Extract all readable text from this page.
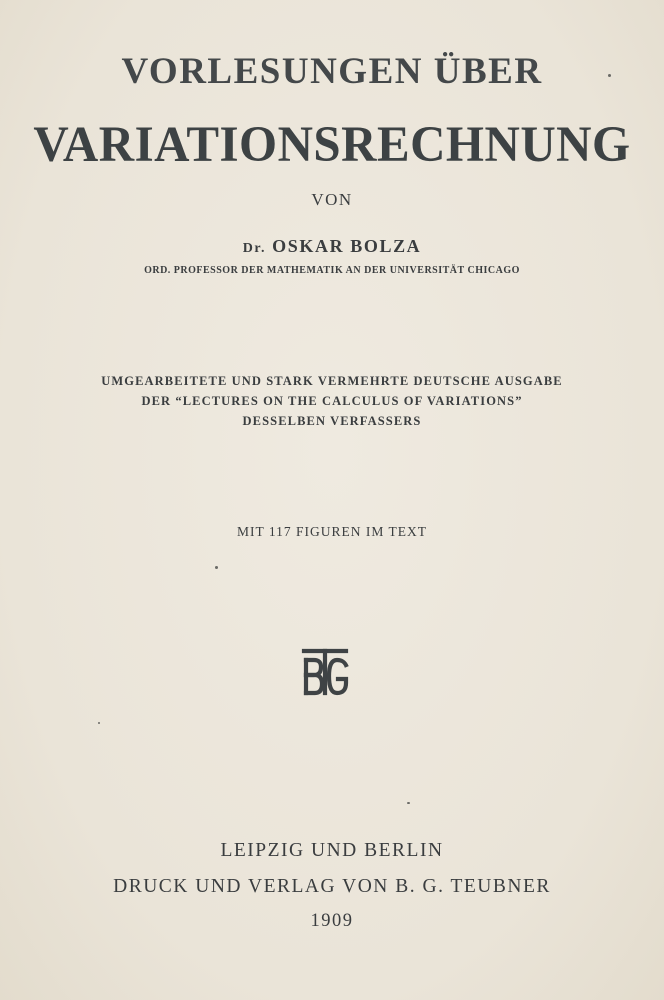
VORLESUNGEN ÜBER
VARIATIONSRECHNUNG

VON

Dr. OSKAR BOLZA

ORD. PROFESSOR DER MATHEMATIK AN DER UNIVERSITÄT CHICAGO

UMGEARBEITETE UND STARK VERMEHRTE DEUTSCHE AUSGABE

DER “LECTURES ON THE CALCULUS OF VARIATIONS”

DESSELBEN VERFASSERS

MIT 117 FIGUREN IM TEXT

LEIPZIG UND BERLIN

DRUCK UND VERLAG VON B. G. TEUBNER

1909
